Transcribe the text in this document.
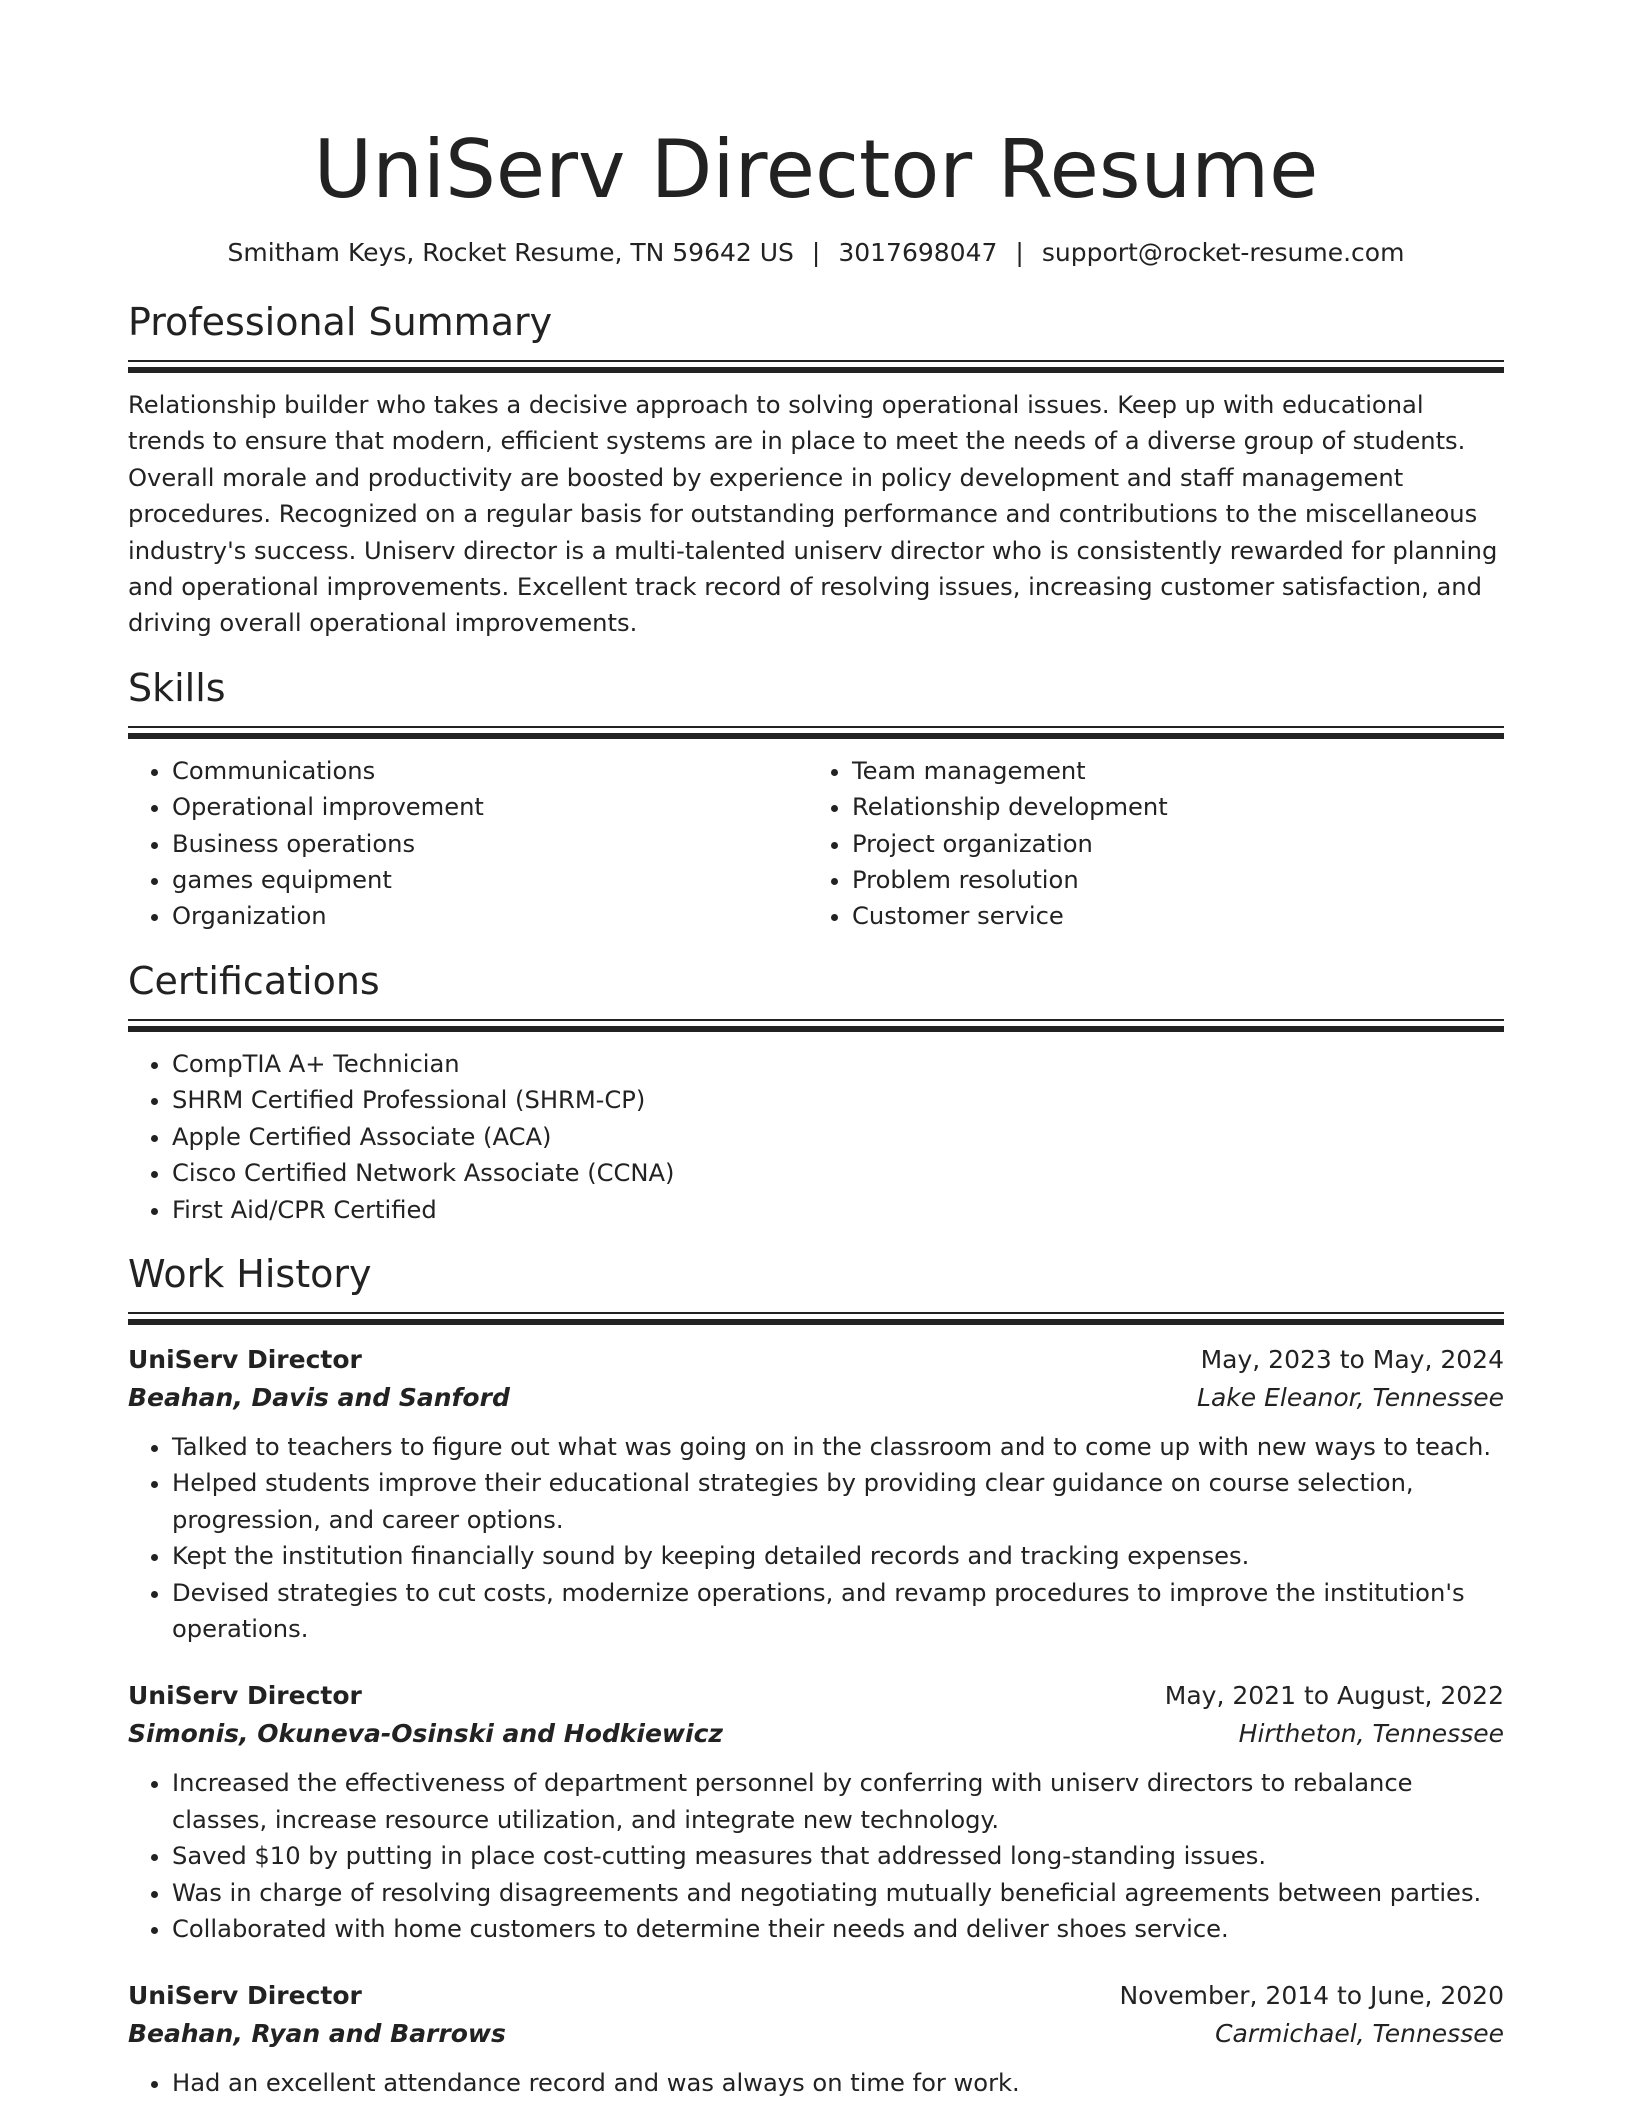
UniServ Director Resume
Smitham Keys, Rocket Resume, TN 59642 US | 3017698047 | support@rocket-resume.com
Professional Summary

Relationship builder who takes a decisive approach to solving operational issues. Keep up with educational trends to ensure that modern, efficient systems are in place to meet the needs of a diverse group of students. Overall morale and productivity are boosted by experience in policy development and staff management procedures. Recognized on a regular basis for outstanding performance and contributions to the miscellaneous industry's success. Uniserv director is a multi-talented uniserv director who is consistently rewarded for planning and operational improvements. Excellent track record of resolving issues, increasing customer satisfaction, and driving overall operational improvements.

Skills
• Communications
• Operational improvement
• Business operations
• games equipment
• Organization
• Team management
• Relationship development
• Project organization
• Problem resolution
• Customer service
Certifications
• CompTIA A+ Technician
• SHRM Certified Professional (SHRM-CP)
• Apple Certified Associate (ACA)
• Cisco Certified Network Associate (CCNA)
• First Aid/CPR Certified
Work History
UniServ Director	May, 2023 to May, 2024
Beahan, Davis and Sanford	Lake Eleanor, Tennessee
• Talked to teachers to figure out what was going on in the classroom and to come up with new ways to teach.
• Helped students improve their educational strategies by providing clear guidance on course selection, progression, and career options.
• Kept the institution financially sound by keeping detailed records and tracking expenses.
• Devised strategies to cut costs, modernize operations, and revamp procedures to improve the institution's operations.
UniServ Director	May, 2021 to August, 2022
Simonis, Okuneva-Osinski and Hodkiewicz	Hirtheton, Tennessee
• Increased the effectiveness of department personnel by conferring with uniserv directors to rebalance classes, increase resource utilization, and integrate new technology.
• Saved $10 by putting in place cost-cutting measures that addressed long-standing issues.
• Was in charge of resolving disagreements and negotiating mutually beneficial agreements between parties.
• Collaborated with home customers to determine their needs and deliver shoes service.
UniServ Director	November, 2014 to June, 2020
Beahan, Ryan and Barrows	Carmichael, Tennessee
• Had an excellent attendance record and was always on time for work.
